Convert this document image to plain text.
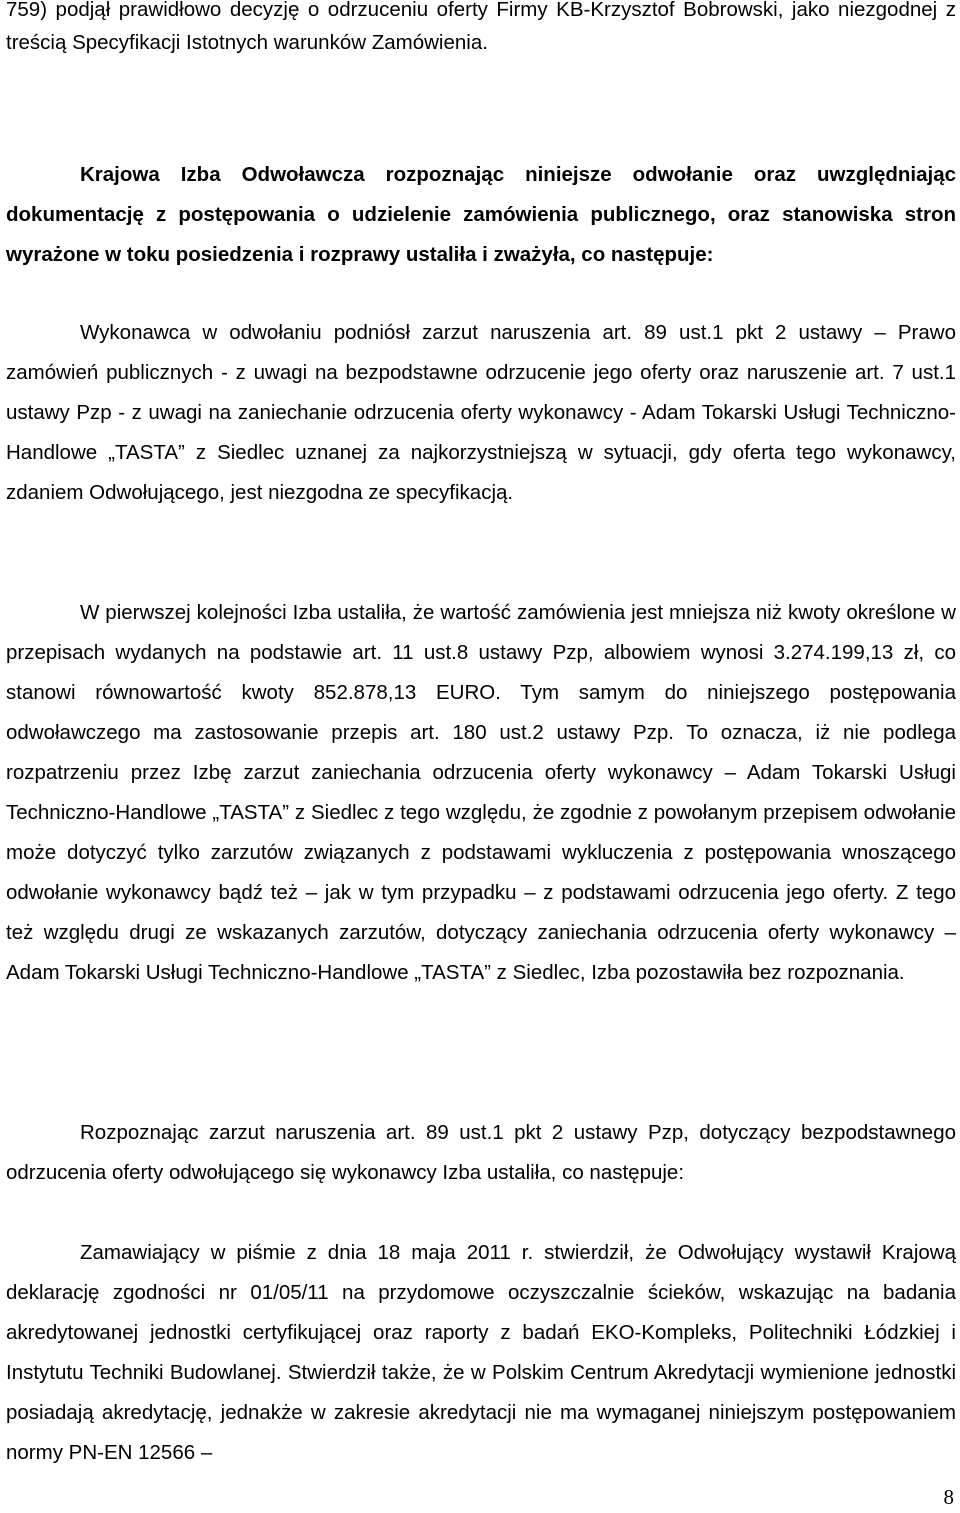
759) podjął prawidłowo decyzję o odrzuceniu oferty Firmy KB-Krzysztof Bobrowski, jako niezgodnej z treścią Specyfikacji Istotnych warunków Zamówienia.

Krajowa Izba Odwoławcza rozpoznając niniejsze odwołanie oraz uwzględniając dokumentację z postępowania o udzielenie zamówienia publicznego, oraz stanowiska stron wyrażone w toku posiedzenia i rozprawy ustaliła i zważyła, co następuje:

Wykonawca w odwołaniu podniósł zarzut naruszenia art. 89 ust.1 pkt 2 ustawy – Prawo zamówień publicznych - z uwagi na bezpodstawne odrzucenie jego oferty oraz naruszenie art. 7 ust.1 ustawy Pzp - z uwagi na zaniechanie odrzucenia oferty wykonawcy - Adam Tokarski Usługi Techniczno-Handlowe „TASTA” z Siedlec uznanej za najkorzystniejszą w sytuacji, gdy oferta tego wykonawcy, zdaniem Odwołującego, jest niezgodna ze specyfikacją.

W pierwszej kolejności Izba ustaliła, że wartość zamówienia jest mniejsza niż kwoty określone w przepisach wydanych na podstawie art. 11 ust.8 ustawy Pzp, albowiem wynosi 3.274.199,13 zł, co stanowi równowartość kwoty 852.878,13 EURO. Tym samym do niniejszego postępowania odwoławczego ma zastosowanie przepis art. 180 ust.2 ustawy Pzp. To oznacza, iż nie podlega rozpatrzeniu przez Izbę zarzut zaniechania odrzucenia oferty wykonawcy – Adam Tokarski Usługi Techniczno-Handlowe „TASTA” z Siedlec z tego względu, że zgodnie z powołanym przepisem odwołanie może dotyczyć tylko zarzutów związanych z podstawami wykluczenia z postępowania wnoszącego odwołanie wykonawcy bądź też – jak w tym przypadku – z podstawami odrzucenia jego oferty. Z tego też względu drugi ze wskazanych zarzutów, dotyczący zaniechania odrzucenia oferty wykonawcy – Adam Tokarski Usługi Techniczno-Handlowe „TASTA” z Siedlec, Izba pozostawiła bez rozpoznania.

Rozpoznając zarzut naruszenia art. 89 ust.1 pkt 2 ustawy Pzp, dotyczący bezpodstawnego odrzucenia oferty odwołującego się wykonawcy Izba ustaliła, co następuje:

Zamawiający w piśmie z dnia 18 maja 2011 r. stwierdził, że Odwołujący wystawił Krajową deklarację zgodności nr 01/05/11 na przydomowe oczyszczalnie ścieków, wskazując na badania akredytowanej jednostki certyfikującej oraz raporty z badań EKO-Kompleks, Politechniki Łódzkiej i Instytutu Techniki Budowlanej. Stwierdził także, że w Polskim Centrum Akredytacji wymienione jednostki posiadają akredytację, jednakże w zakresie akredytacji nie ma wymaganej niniejszym postępowaniem normy PN-EN 12566 –

8
